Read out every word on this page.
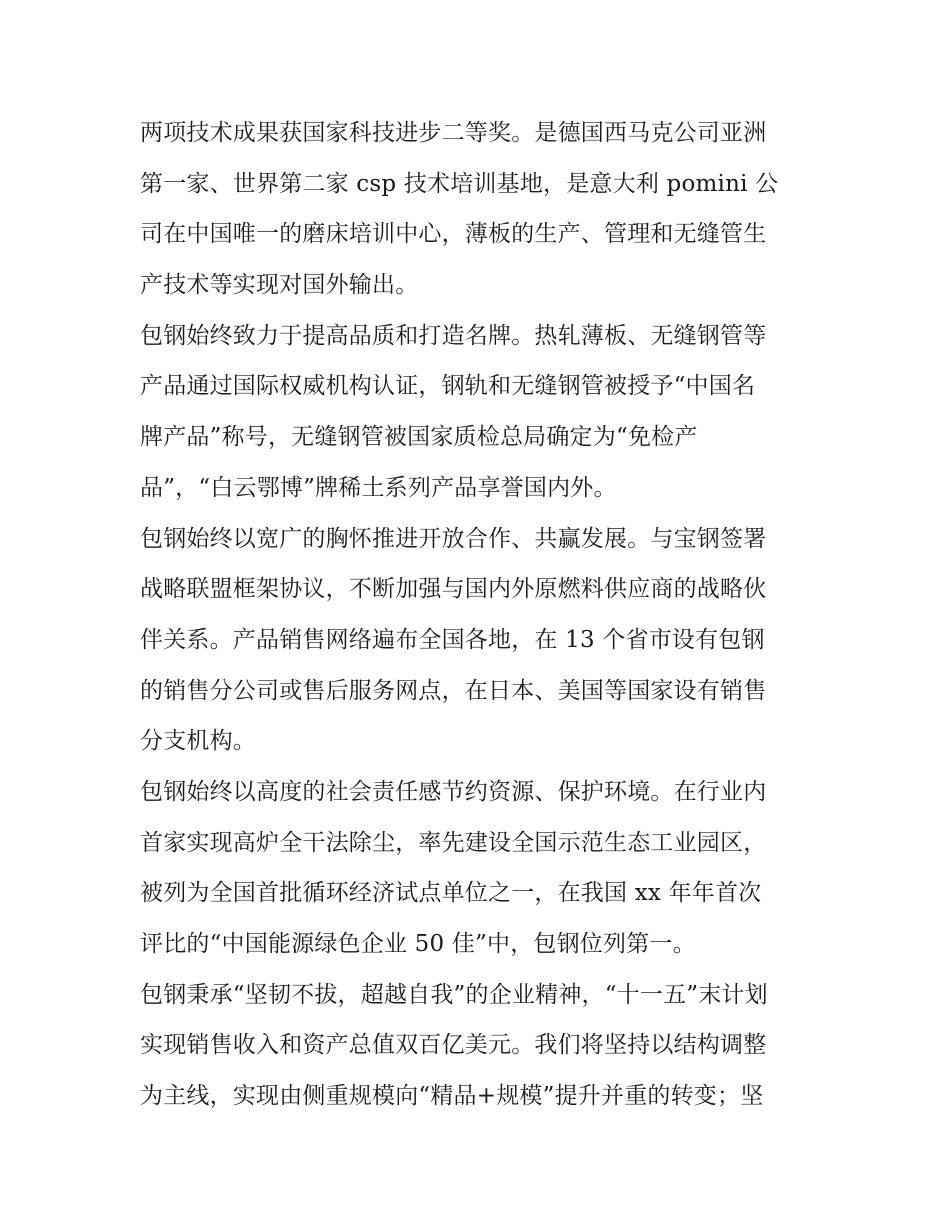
两项技术成果获国家科技进步二等奖。是德国西马克公司亚洲
第一家、世界第二家 csp 技术培训基地，是意大利 pomini 公
司在中国唯一的磨床培训中心，薄板的生产、管理和无缝管生
产技术等实现对国外输出。
包钢始终致力于提高品质和打造名牌。热轧薄板、无缝钢管等
产品通过国际权威机构认证，钢轨和无缝钢管被授予“中国名
牌产品”称号，无缝钢管被国家质检总局确定为“免检产
品”，“白云鄂博”牌稀土系列产品享誉国内外。
包钢始终以宽广的胸怀推进开放合作、共赢发展。与宝钢签署
战略联盟框架协议，不断加强与国内外原燃料供应商的战略伙
伴关系。产品销售网络遍布全国各地，在 13 个省市设有包钢
的销售分公司或售后服务网点，在日本、美国等国家设有销售
分支机构。
包钢始终以高度的社会责任感节约资源、保护环境。在行业内
首家实现高炉全干法除尘，率先建设全国示范生态工业园区，
被列为全国首批循环经济试点单位之一，在我国 xx 年年首次
评比的“中国能源绿色企业 50 佳”中，包钢位列第一。
包钢秉承“坚韧不拔，超越自我”的企业精神，“十一五”末计划
实现销售收入和资产总值双百亿美元。我们将坚持以结构调整
为主线，实现由侧重规模向“精品+规模”提升并重的转变；坚
